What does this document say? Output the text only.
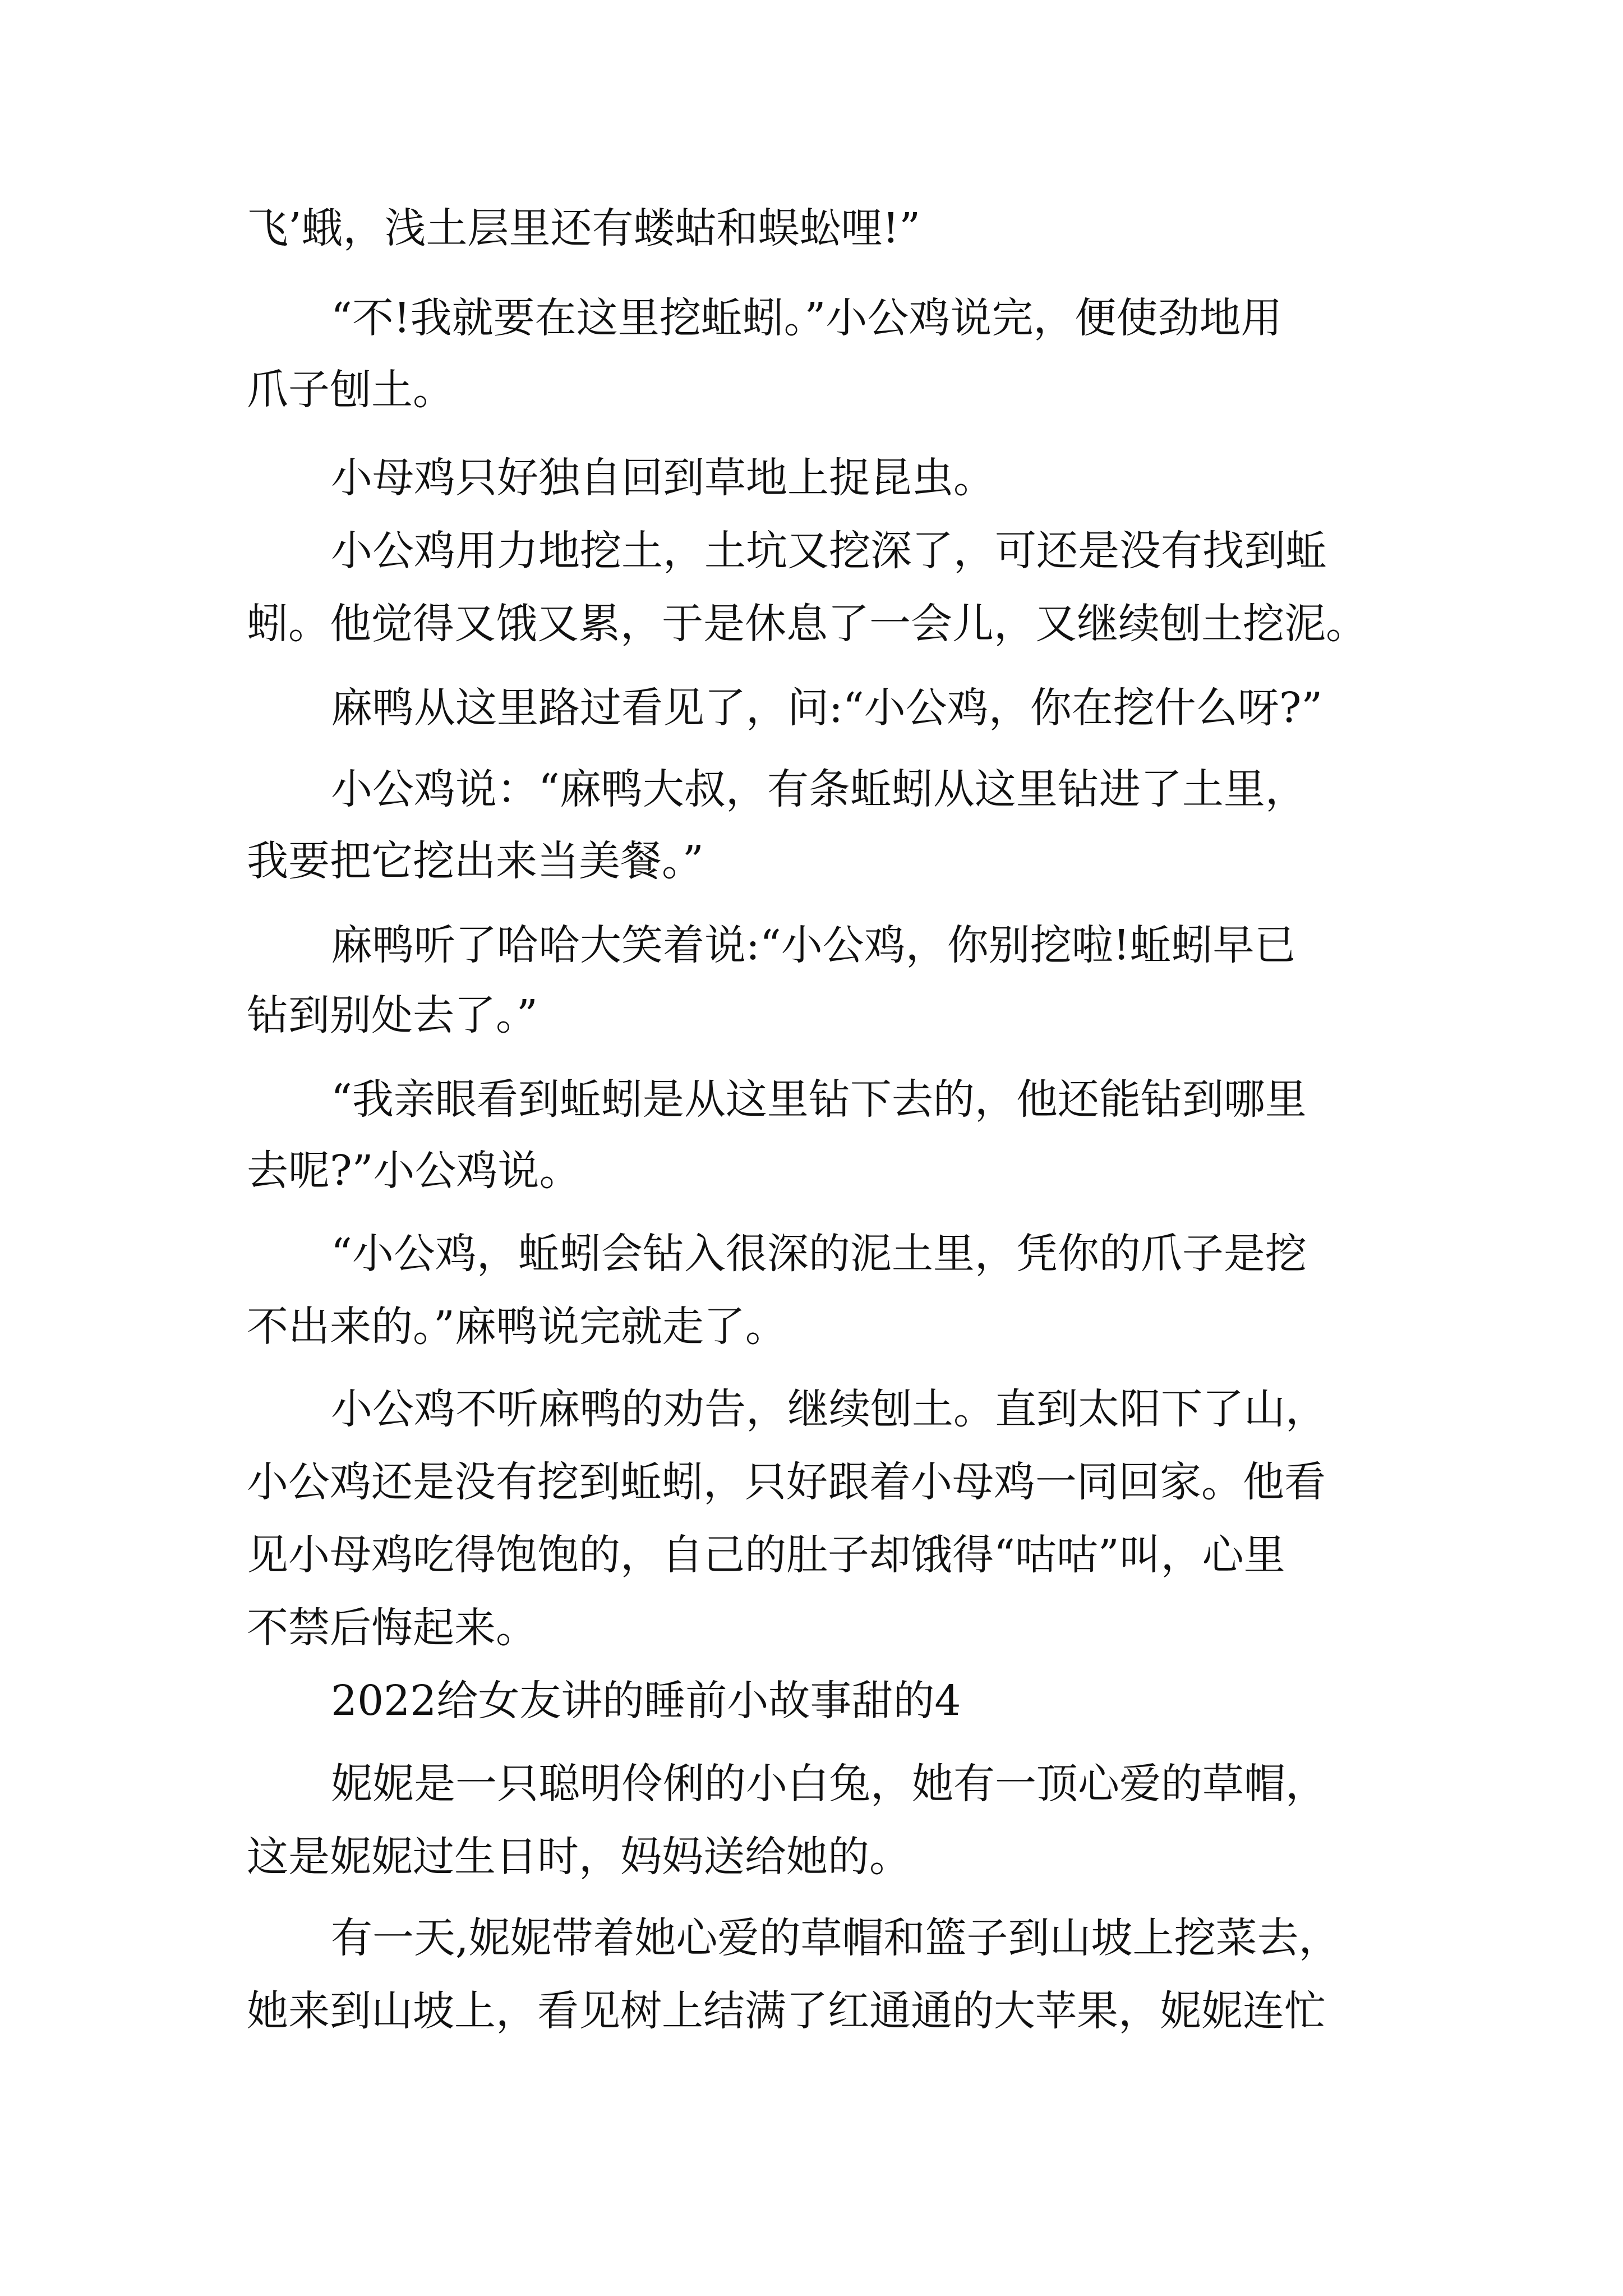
飞’蛾，浅土层里还有蝼蛄和蜈蚣哩!”
“不!我就要在这里挖蚯蚓。”小公鸡说完，便使劲地用
爪子刨土。
小母鸡只好独自回到草地上捉昆虫。
小公鸡用力地挖土，土坑又挖深了，可还是没有找到蚯
蚓。他觉得又饿又累，于是休息了一会儿，又继续刨土挖泥。
麻鸭从这里路过看见了，问:“小公鸡，你在挖什么呀?”
小公鸡说：“麻鸭大叔，有条蚯蚓从这里钻进了土里，
我要把它挖出来当美餐。”
麻鸭听了哈哈大笑着说:“小公鸡，你别挖啦!蚯蚓早已
钻到别处去了。”
“我亲眼看到蚯蚓是从这里钻下去的，他还能钻到哪里
去呢?”小公鸡说。
“小公鸡，蚯蚓会钻入很深的泥土里，凭你的爪子是挖
不出来的。”麻鸭说完就走了。
小公鸡不听麻鸭的劝告，继续刨土。直到太阳下了山，
小公鸡还是没有挖到蚯蚓，只好跟着小母鸡一同回家。他看
见小母鸡吃得饱饱的，自己的肚子却饿得“咕咕”叫，心里
不禁后悔起来。
2022给女友讲的睡前小故事甜的4
妮妮是一只聪明伶俐的小白兔，她有一顶心爱的草帽，
这是妮妮过生日时，妈妈送给她的。
有一天,妮妮带着她心爱的草帽和篮子到山坡上挖菜去，
她来到山坡上，看见树上结满了红通通的大苹果，妮妮连忙
